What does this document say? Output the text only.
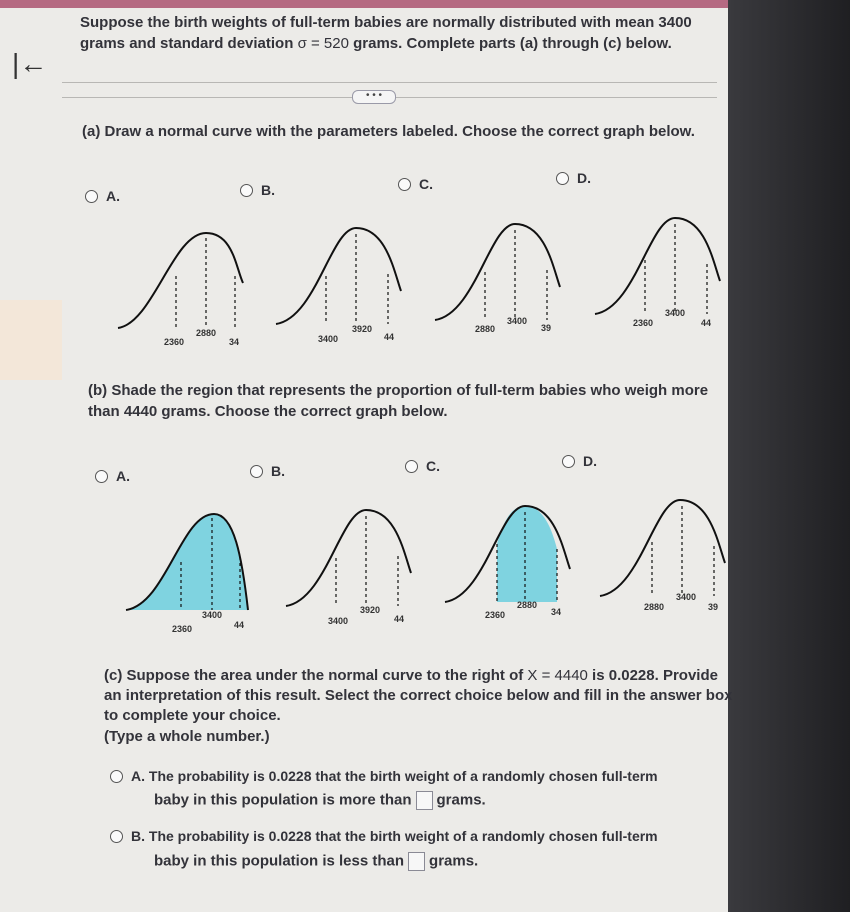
|←
Suppose the birth weights of full-term babies are normally distributed with mean 3400
grams and standard deviation σ = 520 grams. Complete parts (a) through (c) below.
• • •
(a) Draw a normal curve with the parameters labeled. Choose the correct graph below.
A.	B.	C.	D.
2360
2880
34	3400
3920
44
2880
3400
39	2360
3400
44
(b) Shade the region that represents the proportion of full-term babies who weigh more
than 4440 grams. Choose the correct graph below.
A.	B.	C.	D.
2360
3400
44	3400
3920
44	2360
2880
34	2880
3400
39
(c) Suppose the area under the normal curve to the right of X = 4440 is 0.0228. Provide
an interpretation of this result. Select the correct choice below and fill in the answer box
to complete your choice.
(Type a whole number.)
A. The probability is 0.0228 that the birth weight of a randomly chosen full-term
baby in this population is more than grams.
B. The probability is 0.0228 that the birth weight of a randomly chosen full-term
baby in this population is less than grams.
